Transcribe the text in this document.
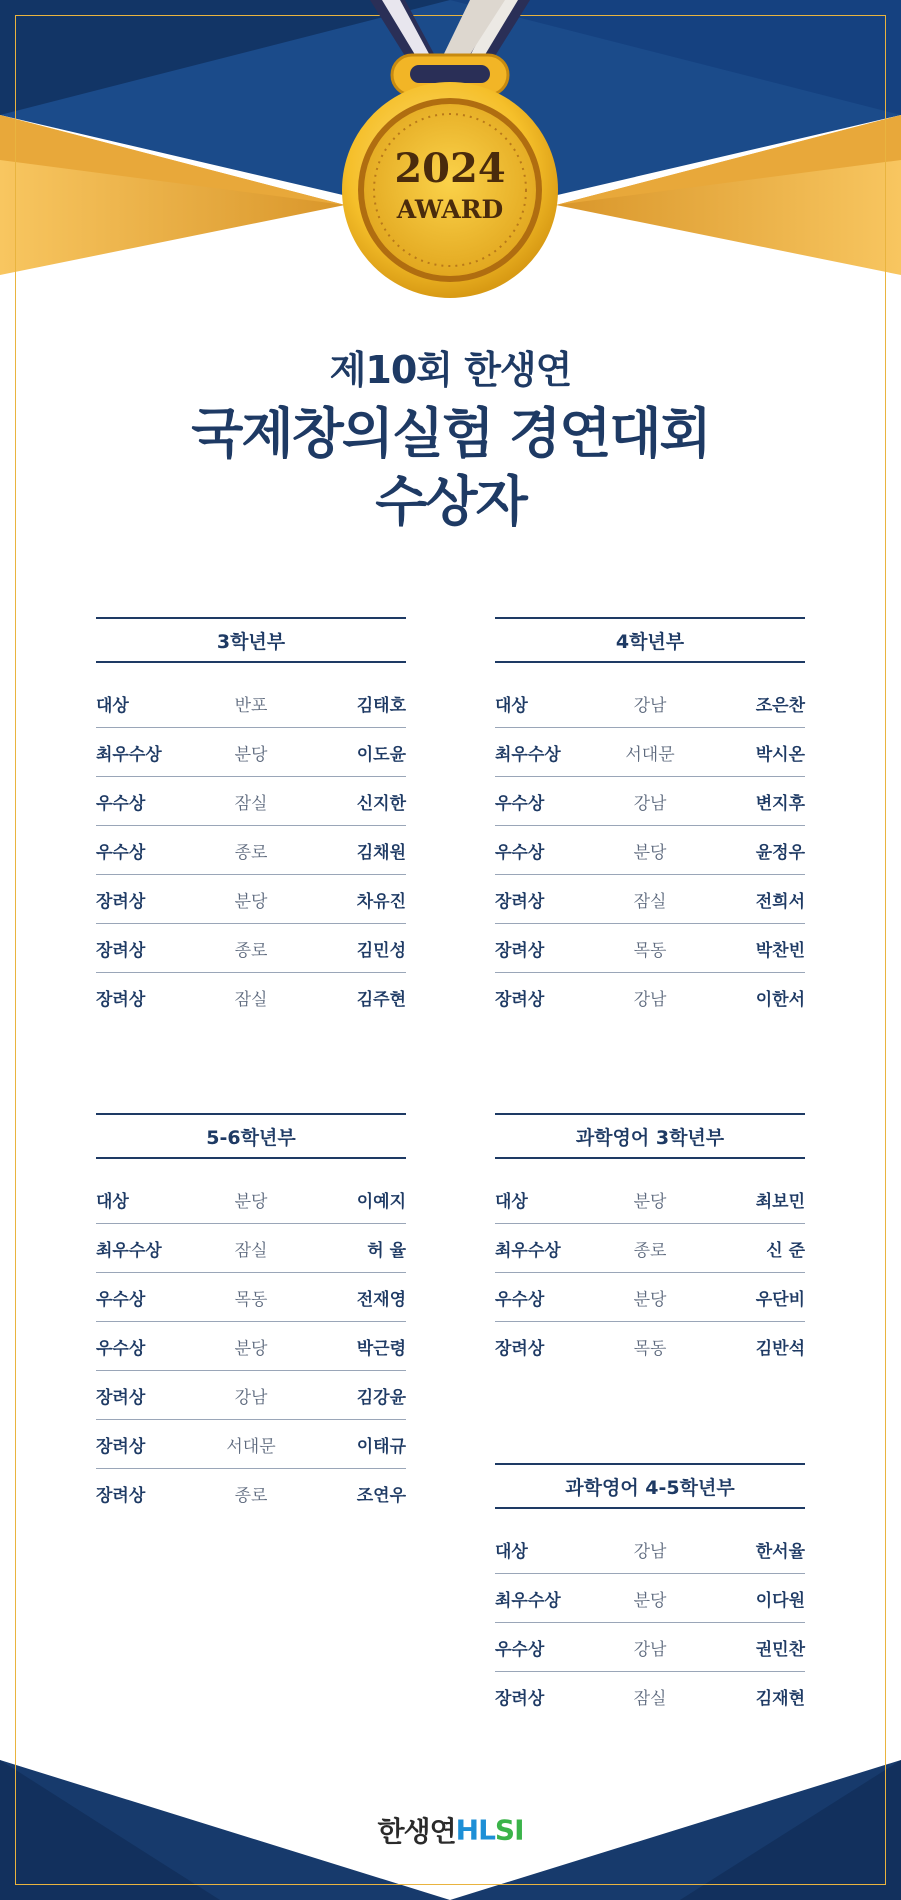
2024
AWARD
제10회 한생연
국제창의실험 경연대회
수상자
3학년부
대상	반포	김태호
최우수상	분당	이도윤
우수상	잠실	신지한
우수상	종로	김채원
장려상	분당	차유진
장려상	종로	김민성
장려상	잠실	김주현
4학년부
대상	강남	조은찬
최우수상	서대문	박시온
우수상	강남	변지후
우수상	분당	윤정우
장려상	잠실	전희서
장려상	목동	박찬빈
장려상	강남	이한서
5-6학년부
대상	분당	이예지
최우수상	잠실	허 율
우수상	목동	전재영
우수상	분당	박근령
장려상	강남	김강윤
장려상	서대문	이태규
장려상	종로	조연우
과학영어 3학년부
대상	분당	최보민
최우수상	종로	신 준
우수상	분당	우단비
장려상	목동	김반석
과학영어 4-5학년부
대상	강남	한서율
최우수상	분당	이다원
우수상	강남	권민찬
장려상	잠실	김재현
한생연HLSI
